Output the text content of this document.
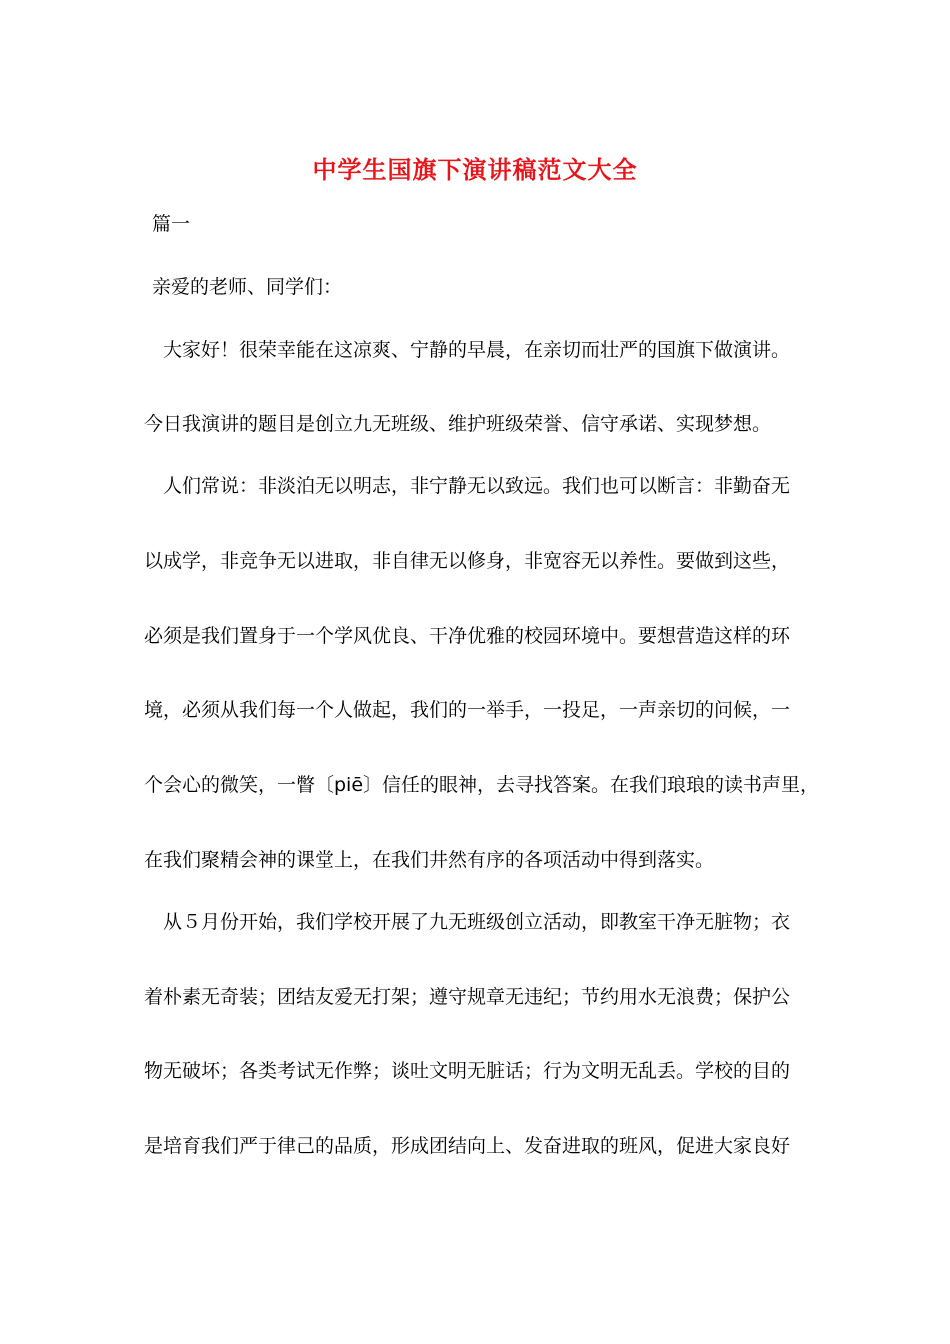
中学生国旗下演讲稿范文大全
篇一
亲爱的老师、同学们：
大家好！很荣幸能在这凉爽、宁静的早晨，在亲切而壮严的国旗下做演讲。
今日我演讲的题目是创立九无班级、维护班级荣誉、信守承诺、实现梦想。
人们常说：非淡泊无以明志，非宁静无以致远。我们也可以断言：非勤奋无
以成学，非竞争无以进取，非自律无以修身，非宽容无以养性。要做到这些，
必须是我们置身于一个学风优良、干净优雅的校园环境中。要想营造这样的环
境，必须从我们每一个人做起，我们的一举手，一投足，一声亲切的问候，一
个会心的微笑，一瞥〔piē〕信任的眼神，去寻找答案。在我们琅琅的读书声里，
在我们聚精会神的课堂上，在我们井然有序的各项活动中得到落实。
从５月份开始，我们学校开展了九无班级创立活动，即教室干净无脏物；衣
着朴素无奇装；团结友爱无打架；遵守规章无违纪；节约用水无浪费；保护公
物无破坏；各类考试无作弊；谈吐文明无脏话；行为文明无乱丢。学校的目的
是培育我们严于律己的品质，形成团结向上、发奋进取的班风，促进大家良好
